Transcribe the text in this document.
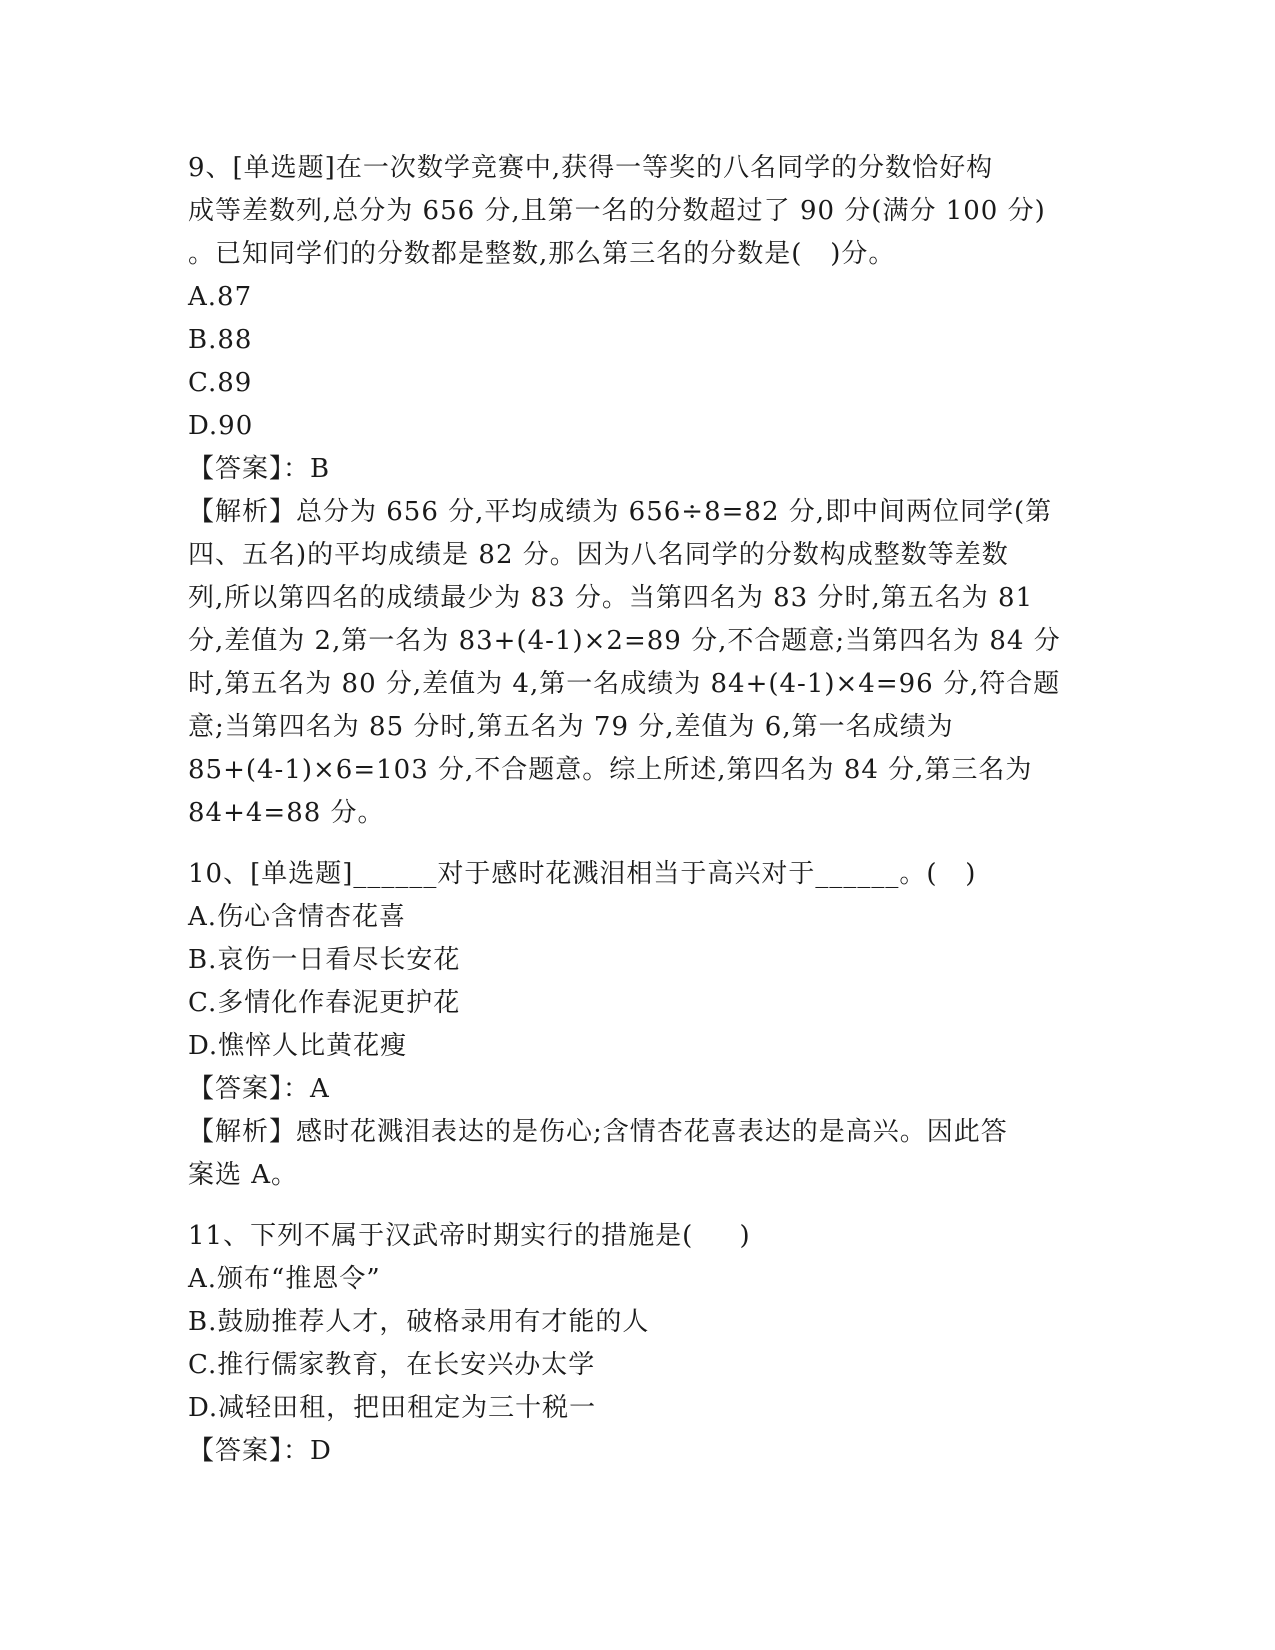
9、[单选题]在一次数学竞赛中,获得一等奖的八名同学的分数恰好构
成等差数列,总分为 656 分,且第一名的分数超过了 90 分(满分 100 分)
。已知同学们的分数都是整数,那么第三名的分数是(   )分。
A.87
B.88
C.89
D.90
【答案】：B
【解析】总分为 656 分,平均成绩为 656÷8=82 分,即中间两位同学(第
四、五名)的平均成绩是 82 分。因为八名同学的分数构成整数等差数
列,所以第四名的成绩最少为 83 分。当第四名为 83 分时,第五名为 81
分,差值为 2,第一名为 83+(4-1)×2=89 分,不合题意;当第四名为 84 分
时,第五名为 80 分,差值为 4,第一名成绩为 84+(4-1)×4=96 分,符合题
意;当第四名为 85 分时,第五名为 79 分,差值为 6,第一名成绩为
85+(4-1)×6=103 分,不合题意。综上所述,第四名为 84 分,第三名为
84+4=88 分。
10、[单选题]______对于感时花溅泪相当于高兴对于______。(   )
A.伤心含情杏花喜
B.哀伤一日看尽长安花
C.多情化作春泥更护花
D.憔悴人比黄花瘦
【答案】：A
【解析】感时花溅泪表达的是伤心;含情杏花喜表达的是高兴。因此答
案选 A。
11、下列不属于汉武帝时期实行的措施是(     )
A.颁布“推恩令”
B.鼓励推荐人才，破格录用有才能的人
C.推行儒家教育，在长安兴办太学
D.减轻田租，把田租定为三十税一
【答案】：D
